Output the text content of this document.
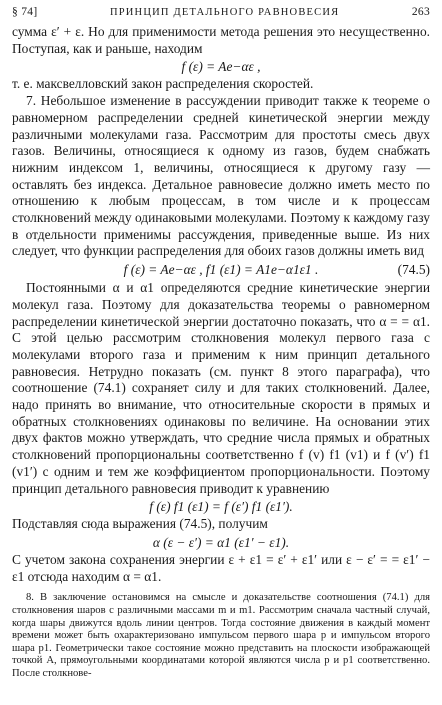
§ 74]	ПРИНЦИП ДЕТАЛЬНОГО РАВНОВЕСИЯ	263

сумма ε′ + ε. Но для применимости метода решения это несущественно. Поступая, как и раньше, находим

f (ε) = Ae−αε ,

т. е. максвелловский закон распределения скоростей.

7. Небольшое изменение в рассуждении приводит также к теореме о равномерном распределении средней кинетической энергии между различными молекулами газа. Рассмотрим для простоты смесь двух газов. Величины, относящиеся к одному из газов, будем снабжать нижним индексом 1, величины, относящиеся к другому газу — оставлять без индекса. Детальное равновесие должно иметь место по отношению к любым процессам, в том числе и к процессам столкновений между одинаковыми молекулами. Поэтому к каждому газу в отдельности применимы рассуждения, приведенные выше. Из них следует, что функции распределения для обоих газов должны иметь вид

f (ε) = Ae−αε , f1 (ε1) = A1e−α1ε1 .	(74.5)

Постоянными α и α1 определяются средние кинетические энергии молекул газа. Поэтому для доказательства теоремы о равномерном распределении кинетической энергии достаточно показать, что α = = α1. С этой целью рассмотрим столкновения молекул первого газа с молекулами второго газа и применим к ним принцип детального равновесия. Нетрудно показать (см. пункт 8 этого параграфа), что соотношение (74.1) сохраняет силу и для таких столкновений. Далее, надо принять во внимание, что относительные скорости в прямых и обратных столкновениях одинаковы по величине. На основании этих двух фактов можно утверждать, что средние числа прямых и обратных столкновений пропорциональны соответственно f (v) f1 (v1) и f (v′) f1 (v1′) с одним и тем же коэффициентом пропорциональности. Поэтому принцип детального равновесия приводит к уравнению

f (ε) f1 (ε1) = f (ε′) f1 (ε1′).

Подставляя сюда выражения (74.5), получим

α (ε − ε′) = α1 (ε1′ − ε1).

С учетом закона сохранения энергии ε + ε1 = ε′ + ε1′ или ε − ε′ = = ε1′ − ε1 отсюда находим α = α1.

8. В заключение остановимся на смысле и доказательстве соотношения (74.1) для столкновения шаров с различными массами m и m1. Рассмотрим сначала частный случай, когда шары движутся вдоль линии центров. Тогда состояние движения в каждый момент времени может быть охарактеризовано импульсом первого шара p и импульсом второго шара p1. Геометрически такое состояние можно представить на плоскости изображающей точкой A, прямоугольными координатами которой являются числа p и p1 соответственно. После столкнове-
